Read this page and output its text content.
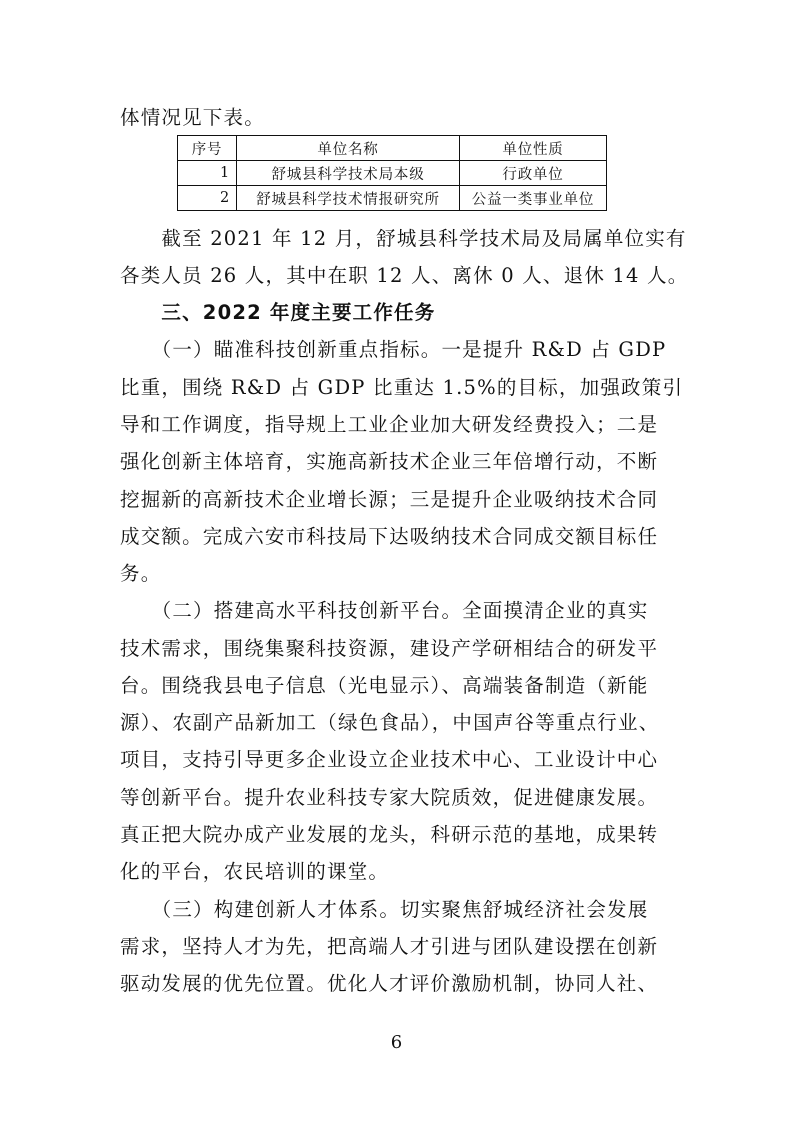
体情况见下表。
序号	单位名称	单位性质
1	舒城县科学技术局本级	行政单位
2	舒城县科学技术情报研究所	公益一类事业单位
　　截至 2021 年 12 月，舒城县科学技术局及局属单位实有
各类人员 26 人，其中在职 12 人、离休 0 人、退休 14 人。
　　三、2022 年度主要工作任务
　　（一）瞄准科技创新重点指标。一是提升 R&D 占 GDP
比重，围绕 R&D 占 GDP 比重达 1.5%的目标，加强政策引
导和工作调度，指导规上工业企业加大研发经费投入；二是
强化创新主体培育，实施高新技术企业三年倍增行动，不断
挖掘新的高新技术企业增长源；三是提升企业吸纳技术合同
成交额。完成六安市科技局下达吸纳技术合同成交额目标任
务。
　　（二）搭建高水平科技创新平台。全面摸清企业的真实
技术需求，围绕集聚科技资源，建设产学研相结合的研发平
台。围绕我县电子信息（光电显示）、高端装备制造（新能
源）、农副产品新加工（绿色食品），中国声谷等重点行业、
项目，支持引导更多企业设立企业技术中心、工业设计中心
等创新平台。提升农业科技专家大院质效，促进健康发展。
真正把大院办成产业发展的龙头，科研示范的基地，成果转
化的平台，农民培训的课堂。
　　（三）构建创新人才体系。切实聚焦舒城经济社会发展
需求，坚持人才为先，把高端人才引进与团队建设摆在创新
驱动发展的优先位置。优化人才评价激励机制，协同人社、
6
